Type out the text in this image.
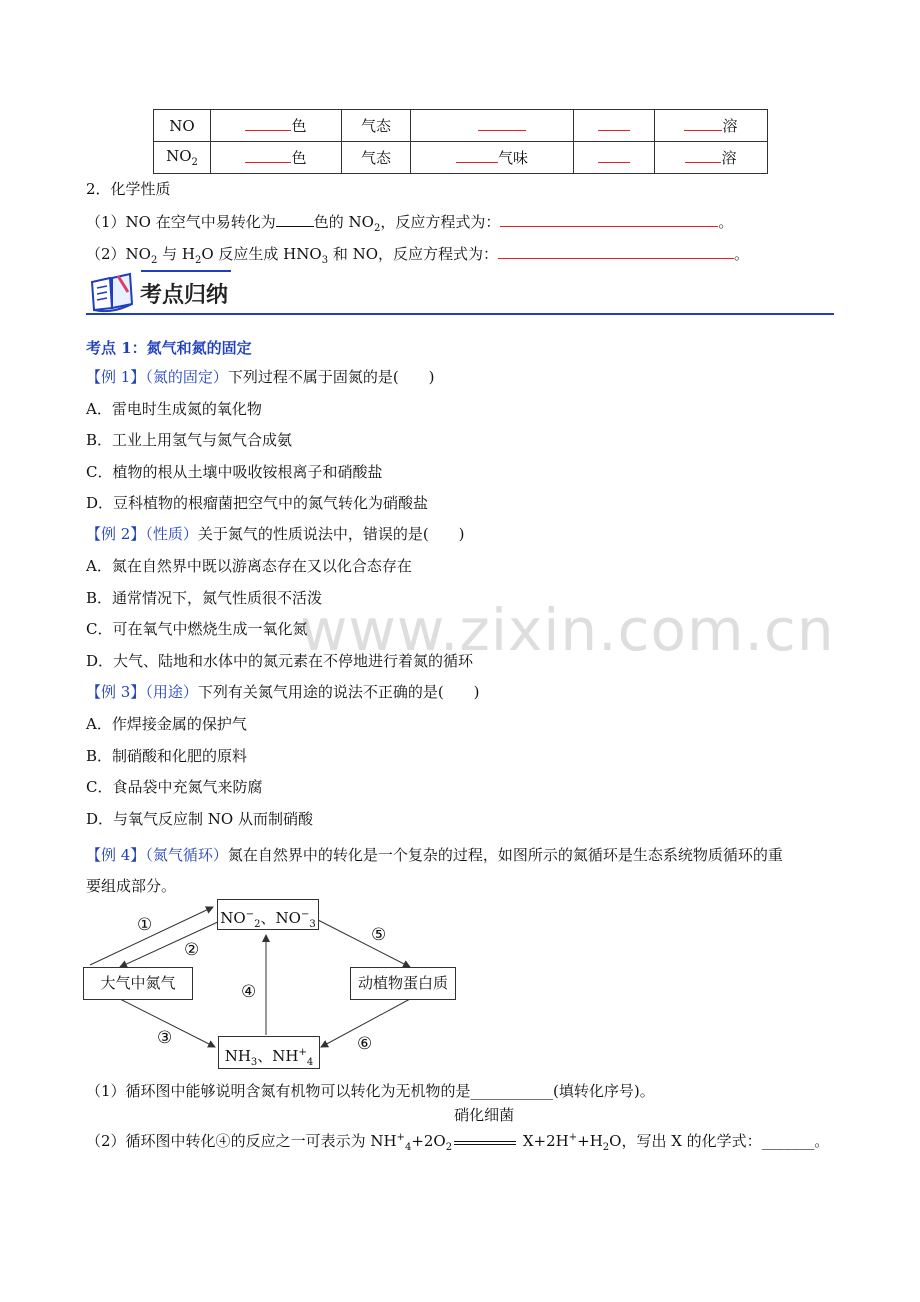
NO	色	气态			溶
$NO_2$	色	气态	气味		溶
2．化学性质
（1）NO 在空气中易转化为	色的 $NO_2$，反应方程式为：	。
$(2)NO_2$ 与 $H_2O$ 反应生成 $HNO_3$ 和 NO，反应方程式为：	。
考点归纳
www.zixin.com.cn
考点 1：氮气和氮的固定
【例 1】（氮的固定）下列过程不属于固氮的是(　　)
A．雷电时生成氮的氧化物
B．工业上用氢气与氮气合成氨
C．植物的根从土壤中吸收铵根离子和硝酸盐
D．豆科植物的根瘤菌把空气中的氮气转化为硝酸盐
【例 2】（性质）关于氮气的性质说法中，错误的是(　　)
A．氮在自然界中既以游离态存在又以化合态存在
B．通常情况下，氮气性质很不活泼
C．可在氧气中燃烧生成一氧化氮
D．大气、陆地和水体中的氮元素在不停地进行着氮的循环
【例 3】（用途）下列有关氮气用途的说法不正确的是(　　)
A．作焊接金属的保护气
B．制硝酸和化肥的原料
C．食品袋中充氮气来防腐
D．与氧气反应制 NO 从而制硝酸
【例 4】（氮气循环）氮在自然界中的转化是一个复杂的过程，如图所示的氮循环是生态系统物质循环的重
要组成部分。
$NO^-_2$、$NO^-_3$
大气中氮气	动植物蛋白质
$NH_3$、$NH^+_4$
①
②
③
④
⑤
⑥
（1）循环图中能够说明含氮有机物可以转化为无机物的是___________(填转化序号)。
（2）循环图中转化④的反应之一可表示为 $NH^+_4+2O_2$
硝化细菌
$X+2H^++H_2O$，写出 X 的化学式：_______。
